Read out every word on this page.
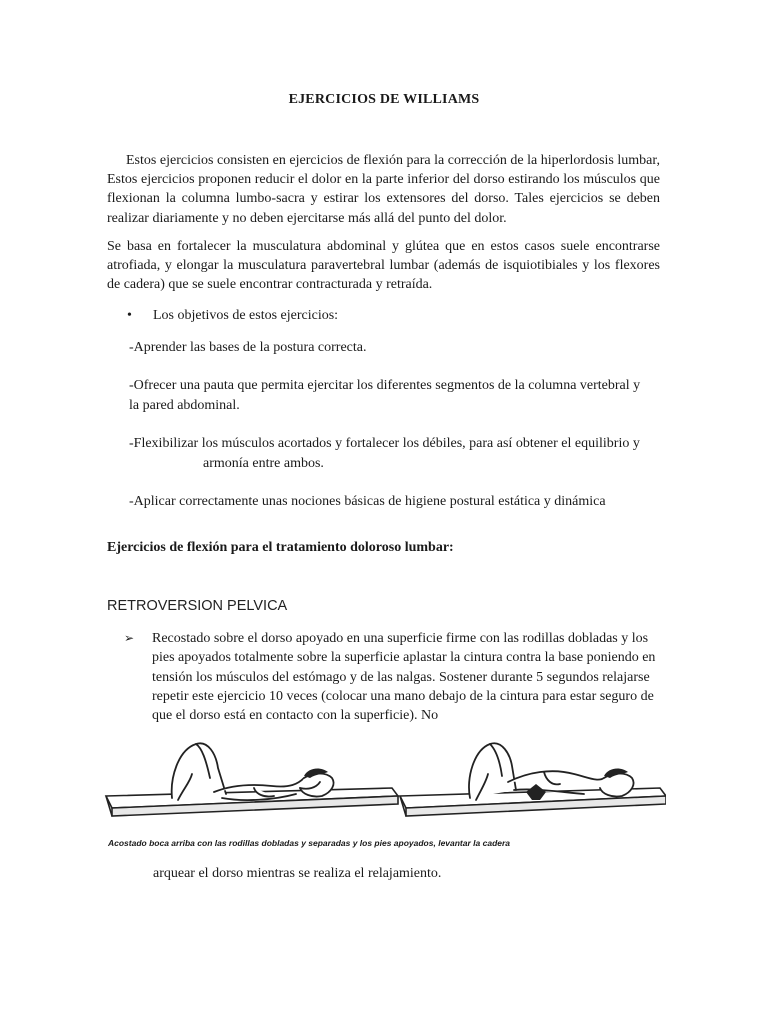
EJERCICIOS DE WILLIAMS
Estos ejercicios consisten en ejercicios de flexión para la corrección de la hiperlordosis lumbar, Estos ejercicios proponen reducir el dolor en la parte inferior del dorso estirando los músculos que flexionan la columna lumbo-sacra y estirar los extensores del dorso. Tales ejercicios se deben realizar diariamente y no deben ejercitarse más allá del punto del dolor.
Se basa en fortalecer la musculatura abdominal y glútea que en estos casos suele encontrarse atrofiada, y elongar la musculatura paravertebral lumbar (además de isquiotibiales y los flexores de cadera) que se suele encontrar contracturada y retraída.
• Los objetivos de estos ejercicios:
-Aprender las bases de la postura correcta.
-Ofrecer una pauta que permita ejercitar los diferentes segmentos de la columna vertebral y la pared abdominal.
-Flexibilizar los músculos acortados y fortalecer los débiles, para así obtener el equilibrio yarmonía entre ambos.
-Aplicar correctamente unas nociones básicas de higiene postural estática y dinámica
Ejercicios de flexión para el tratamiento doloroso lumbar:
RETROVERSION PELVICA
➢ Recostado sobre el dorso apoyado en una superficie firme con las rodillas dobladas y los pies apoyados totalmente sobre la superficie aplastar la cintura contra la base poniendo en tensión los músculos del estómago y de las nalgas. Sostener durante 5 segundos relajarse repetir este ejercicio 10 veces (colocar una mano debajo de la cintura para estar seguro de que el dorso está en contacto con la superficie). No
Acostado boca arriba con las rodillas dobladas y separadas y los pies apoyados, levantar la cadera
arquear el dorso mientras se realiza el relajamiento.
